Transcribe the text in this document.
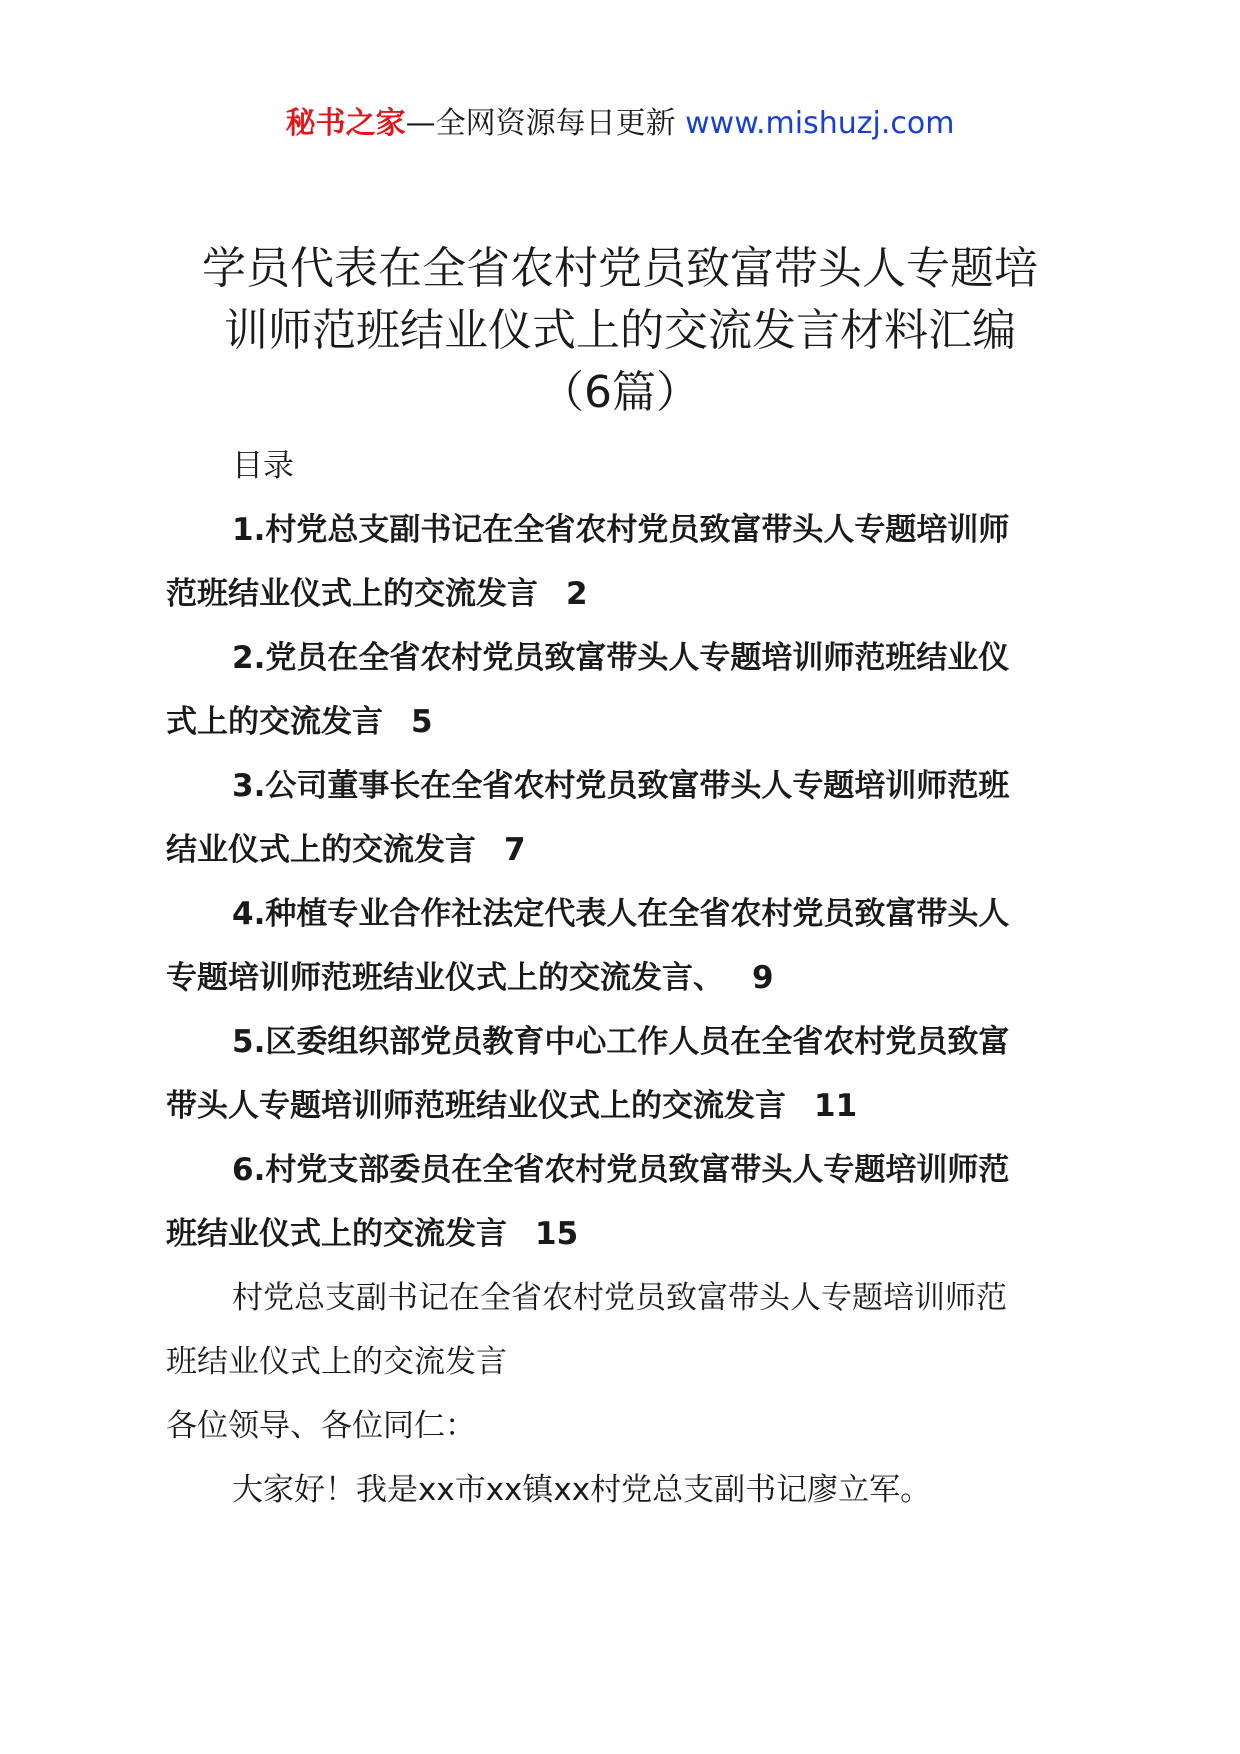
秘书之家—全网资源每日更新 www.mishuzj.com
学员代表在全省农村党员致富带头人专题培
训师范班结业仪式上的交流发言材料汇编
（6篇）

目录

1.村党总支副书记在全省农村党员致富带头人专题培训师

范班结业仪式上的交流发言 2

2.党员在全省农村党员致富带头人专题培训师范班结业仪

式上的交流发言 5

3.公司董事长在全省农村党员致富带头人专题培训师范班

结业仪式上的交流发言 7

4.种植专业合作社法定代表人在全省农村党员致富带头人

专题培训师范班结业仪式上的交流发言、 9

5.区委组织部党员教育中心工作人员在全省农村党员致富

带头人专题培训师范班结业仪式上的交流发言 11

6.村党支部委员在全省农村党员致富带头人专题培训师范

班结业仪式上的交流发言 15

村党总支副书记在全省农村党员致富带头人专题培训师范

班结业仪式上的交流发言

各位领导、各位同仁：

大家好！我是xx市xx镇xx村党总支副书记廖立军。
